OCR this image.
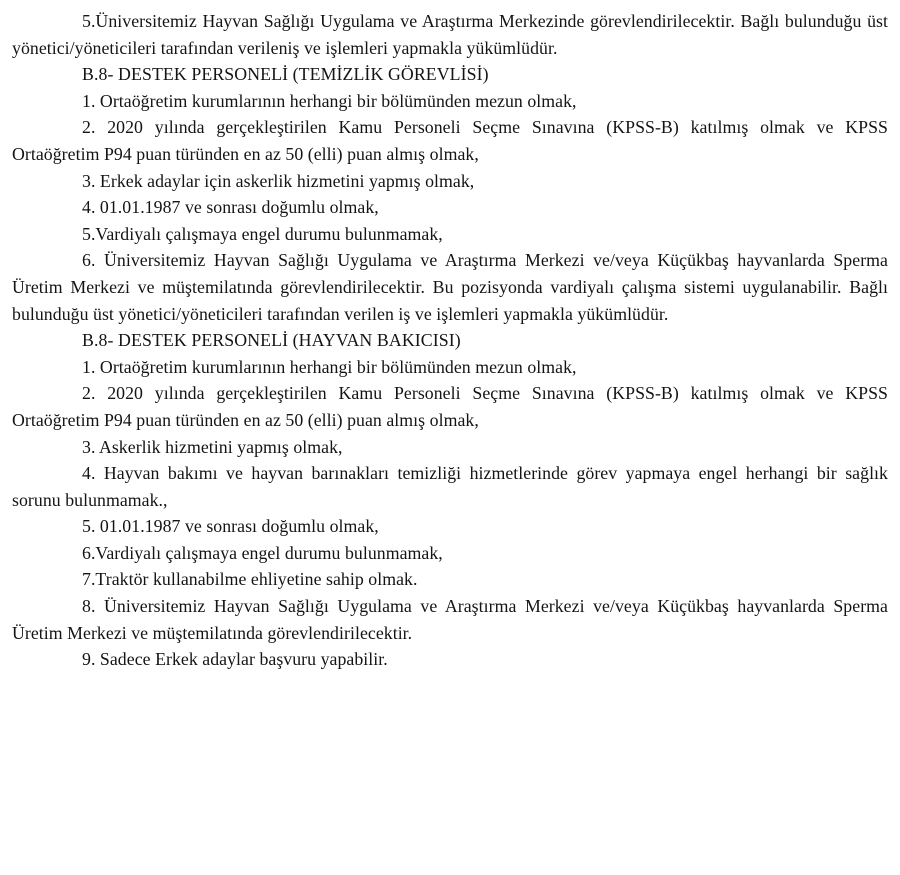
5.Üniversitemiz Hayvan Sağlığı Uygulama ve Araştırma Merkezinde görevlendirilecektir. Bağlı bulunduğu üst yönetici/yöneticileri tarafından verileniş ve işlemleri yapmakla yükümlüdür.

B.8- DESTEK PERSONELİ (TEMİZLİK GÖREVLİSİ)

1. Ortaöğretim kurumlarının herhangi bir bölümünden mezun olmak,

2. 2020 yılında gerçekleştirilen Kamu Personeli Seçme Sınavına (KPSS-B) katılmış olmak ve KPSS Ortaöğretim P94 puan türünden en az 50 (elli) puan almış olmak,

3. Erkek adaylar için askerlik hizmetini yapmış olmak,

4. 01.01.1987 ve sonrası doğumlu olmak,

5.Vardiyalı çalışmaya engel durumu bulunmamak,

6. Üniversitemiz Hayvan Sağlığı Uygulama ve Araştırma Merkezi ve/veya Küçükbaş hayvanlarda Sperma Üretim Merkezi ve müştemilatında görevlendirilecektir. Bu pozisyonda vardiyalı çalışma sistemi uygulanabilir. Bağlı bulunduğu üst yönetici/yöneticileri tarafından verilen iş ve işlemleri yapmakla yükümlüdür.

B.8- DESTEK PERSONELİ (HAYVAN BAKICISI)

1. Ortaöğretim kurumlarının herhangi bir bölümünden mezun olmak,

2. 2020 yılında gerçekleştirilen Kamu Personeli Seçme Sınavına (KPSS-B) katılmış olmak ve KPSS Ortaöğretim P94 puan türünden en az 50 (elli) puan almış olmak,

3. Askerlik hizmetini yapmış olmak,

4. Hayvan bakımı ve hayvan barınakları temizliği hizmetlerinde görev yapmaya engel herhangi bir sağlık sorunu bulunmamak.,

5. 01.01.1987 ve sonrası doğumlu olmak,

6.Vardiyalı çalışmaya engel durumu bulunmamak,

7.Traktör kullanabilme ehliyetine sahip olmak.

8. Üniversitemiz Hayvan Sağlığı Uygulama ve Araştırma Merkezi ve/veya Küçükbaş hayvanlarda Sperma Üretim Merkezi ve müştemilatında görevlendirilecektir.

9. Sadece Erkek adaylar başvuru yapabilir.
